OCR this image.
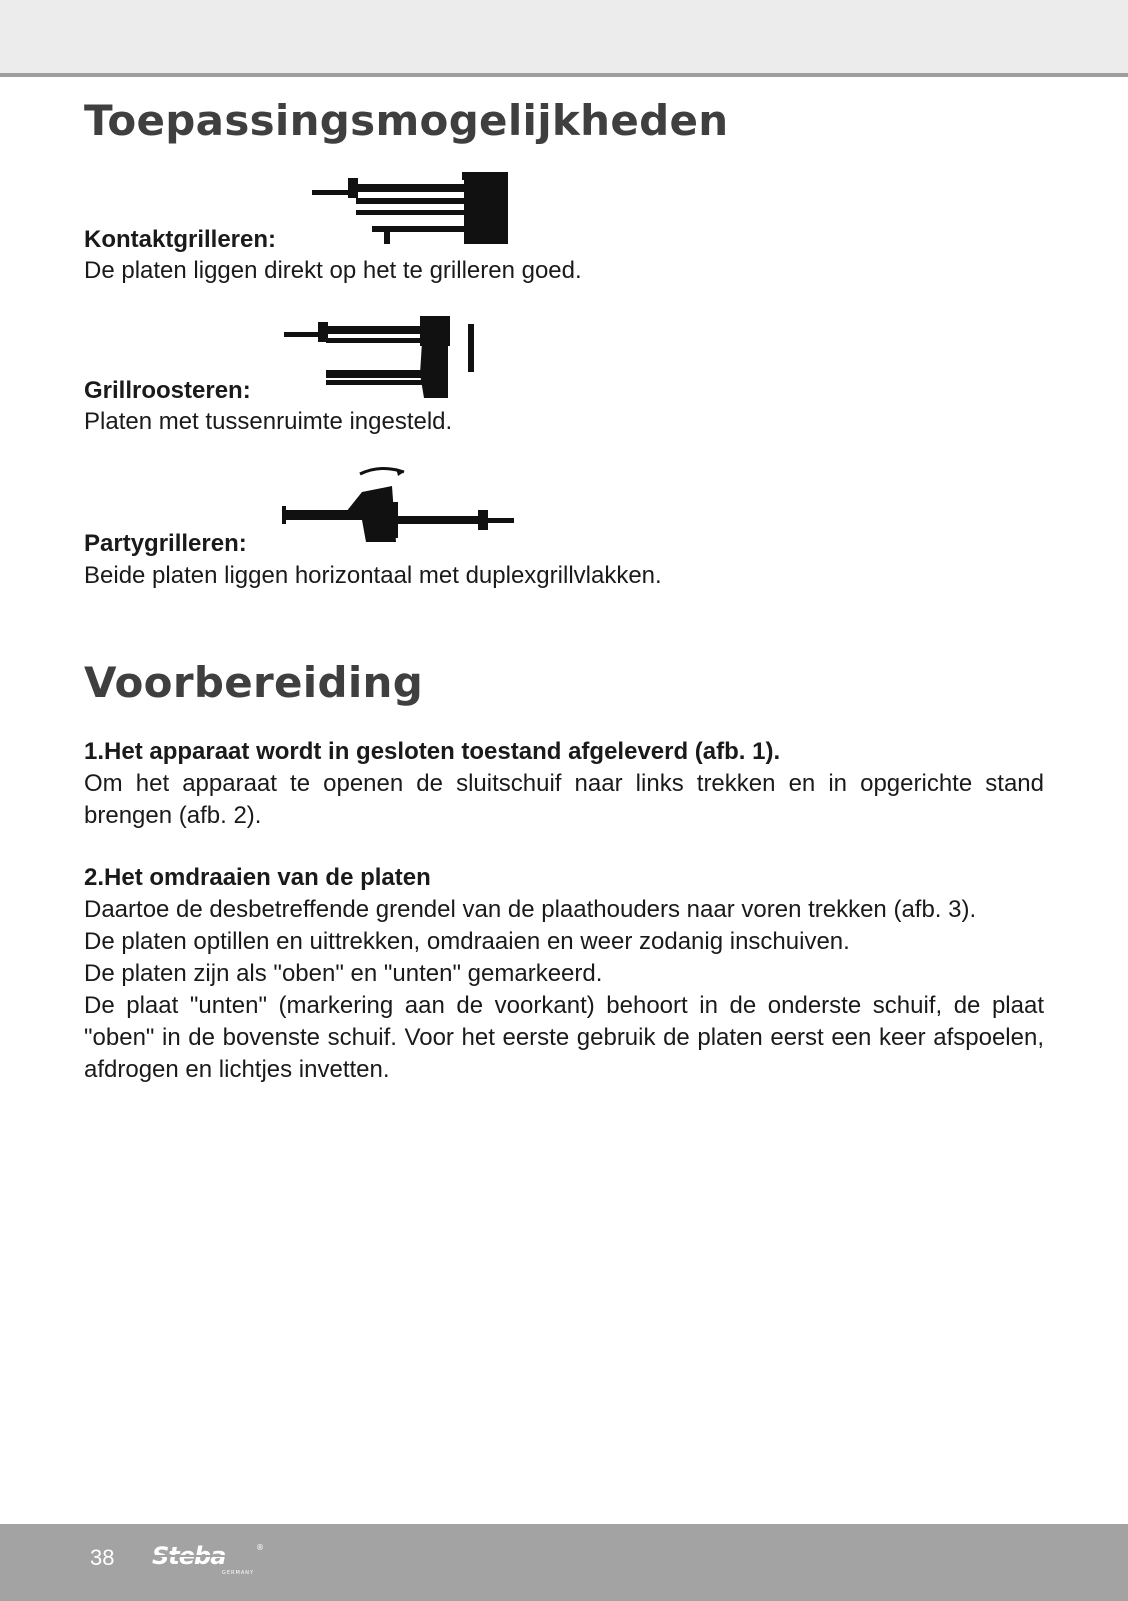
Toepassingsmogelijkheden
Kontaktgrilleren:
De platen liggen direkt op het te grilleren goed.
Grillroosteren:
Platen met tussenruimte ingesteld.
Partygrilleren:
Beide platen liggen horizontaal met duplexgrillvlakken.
Voorbereiding
1.Het apparaat wordt in gesloten toestand afgeleverd (afb. 1).
Om het apparaat te openen de sluitschuif naar links trekken en in opgerichte stand brengen (afb. 2).
2.Het omdraaien van de platen
Daartoe de desbetreffende grendel van de plaathouders naar voren trekken (afb. 3).
De platen optillen en uittrekken, omdraaien en weer zodanig inschuiven.
De platen zijn als "oben" en "unten" gemarkeerd.
De plaat "unten" (markering aan de voorkant) behoort in de onderste schuif, de plaat "oben" in de bovenste schuif. Voor het eerste gebruik de platen eerst een keer afspoelen, afdrogen en lichtjes invetten.
38 Steba	®
GERMANY
